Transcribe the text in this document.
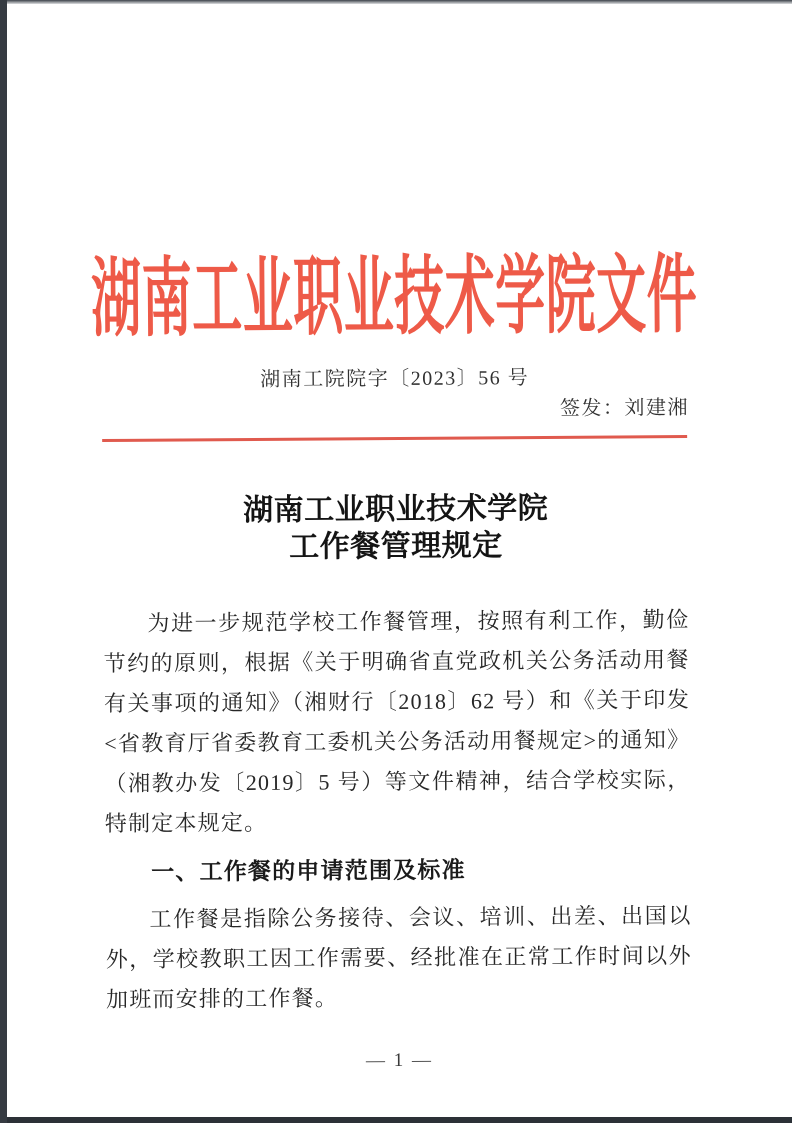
湖南工业职业技术学院文件
湖南工院院字〔2023〕56 号
签发：刘建湘
湖南工业职业技术学院
工作餐管理规定

为进一步规范学校工作餐管理，按照有利工作，勤俭节约的原则，根据《关于明确省直党政机关公务活动用餐有关事项的通知》（湘财行〔2018〕62 号）和《关于印发<省教育厅省委教育工委机关公务活动用餐规定>的通知》（湘教办发〔2019〕5 号）等文件精神，结合学校实际，特制定本规定。

一、工作餐的申请范围及标准

工作餐是指除公务接待、会议、培训、出差、出国以外，学校教职工因工作需要、经批准在正常工作时间以外加班而安排的工作餐。

— 1 —
